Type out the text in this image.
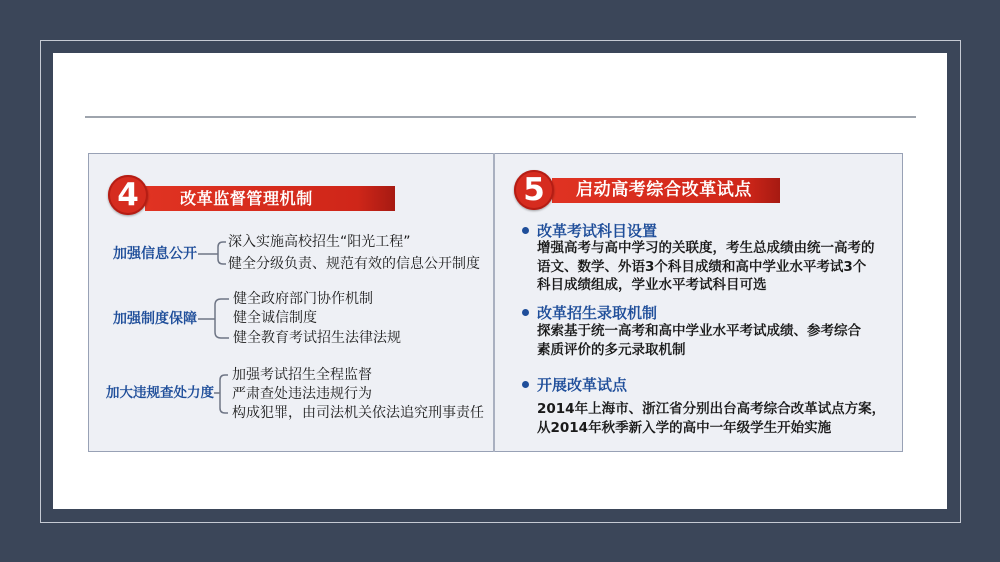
4	改革监督管理机制
加强信息公开
深入实施高校招生“阳光工程”
健全分级负责、规范有效的信息公开制度
加强制度保障
健全政府部门协作机制
健全诚信制度
健全教育考试招生法律法规
加大违规查处力度
加强考试招生全程监督
严肃查处违法违规行为
构成犯罪，由司法机关依法追究刑事责任
5	启动高考综合改革试点
改革考试科目设置
增强高考与高中学习的关联度，考生总成绩由统一高考的
语文、数学、外语3个科目成绩和高中学业水平考试3个
科目成绩组成，学业水平考试科目可选
改革招生录取机制
探索基于统一高考和高中学业水平考试成绩、参考综合
素质评价的多元录取机制
开展改革试点
2014年上海市、浙江省分别出台高考综合改革试点方案，
从2014年秋季新入学的高中一年级学生开始实施
